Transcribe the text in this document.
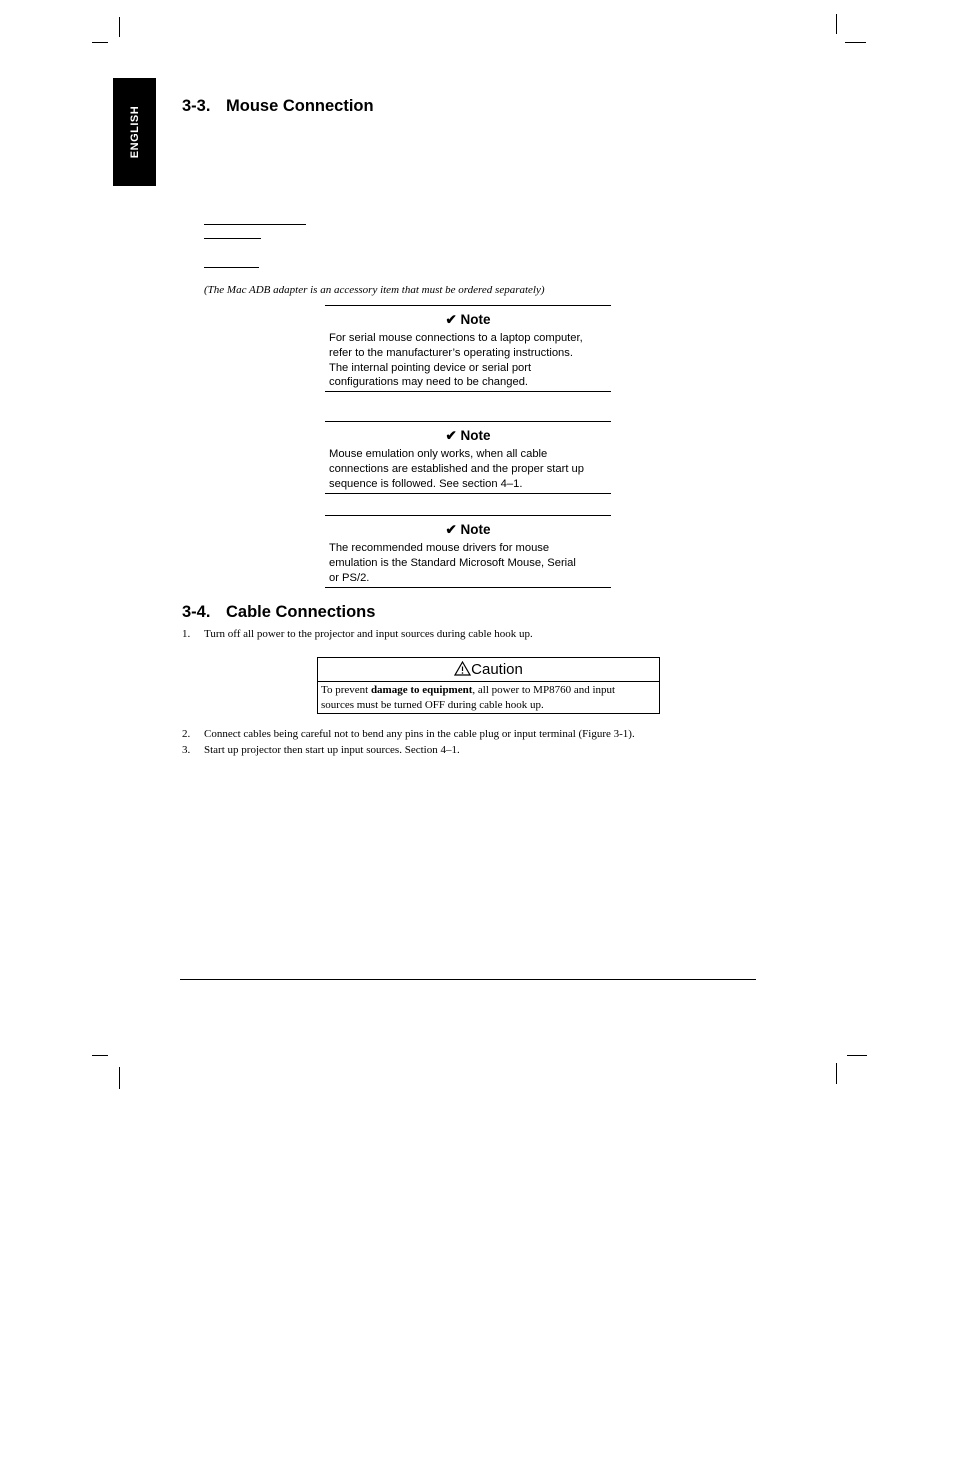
ENGLISH	3-3. Mouse Connection
(The Mac ADB adapter is an accessory item that must be ordered separately)
✔ Note
For serial mouse connections to a laptop computer,
refer to the manufacturer’s operating instructions.
The internal pointing device or serial port
configurations may need to be changed.
✔ Note
Mouse emulation only works, when all cable
connections are established and the proper start up
sequence is followed. See section 4–1.
✔ Note
The recommended mouse drivers for mouse
emulation is the Standard Microsoft Mouse, Serial
or PS/2.
3-4. Cable Connections
1. Turn off all power to the projector and input sources during cable hook up.
Caution
To prevent damage to equipment, all power to MP8760 and input
sources must be turned OFF during cable hook up.
2. Connect cables being careful not to bend any pins in the cable plug or input terminal (Figure 3-1).
3. Start up projector then start up input sources. Section 4–1.
